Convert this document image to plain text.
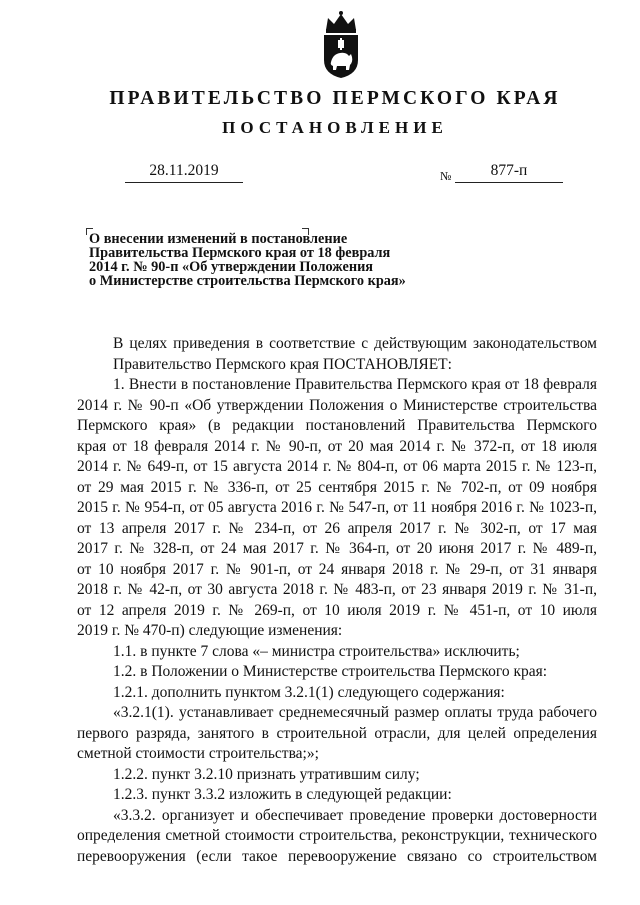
ПРАВИТЕЛЬСТВО ПЕРМСКОГО КРАЯ
ПОСТАНОВЛЕНИЕ
28.11.2019	№	877-п
О внесении изменений в постановление
Правительства Пермского края от 18 февраля
2014 г. № 90-п «Об утверждении Положения
о Министерстве строительства Пермского края»
В целях приведения в соответствие с действующим законодательством
Правительство Пермского края ПОСТАНОВЛЯЕТ:
1. Внести в постановление Правительства Пермского края от 18 февраля
2014 г. № 90-п «Об утверждении Положения о Министерстве строительства
Пермского края» (в редакции постановлений Правительства Пермского
края от 18 февраля 2014 г. № 90-п, от 20 мая 2014 г. № 372-п, от 18 июля
2014 г. № 649-п, от 15 августа 2014 г. № 804-п, от 06 марта 2015 г. № 123-п,
от 29 мая 2015 г. № 336-п, от 25 сентября 2015 г. № 702-п, от 09 ноября
2015 г. № 954-п, от 05 августа 2016 г. № 547-п, от 11 ноября 2016 г. № 1023-п,
от 13 апреля 2017 г. № 234-п, от 26 апреля 2017 г. № 302-п, от 17 мая
2017 г. № 328-п, от 24 мая 2017 г. № 364-п, от 20 июня 2017 г. № 489-п,
от 10 ноября 2017 г. № 901-п, от 24 января 2018 г. № 29-п, от 31 января
2018 г. № 42-п, от 30 августа 2018 г. № 483-п, от 23 января 2019 г. № 31-п,
от 12 апреля 2019 г. № 269-п, от 10 июля 2019 г. № 451-п, от 10 июля
2019 г. № 470-п) следующие изменения:
1.1. в пункте 7 слова «– министра строительства» исключить;
1.2. в Положении о Министерстве строительства Пермского края:
1.2.1. дополнить пунктом 3.2.1(1) следующего содержания:
«3.2.1(1). устанавливает среднемесячный размер оплаты труда рабочего
первого разряда, занятого в строительной отрасли, для целей определения
сметной стоимости строительства;»;
1.2.2. пункт 3.2.10 признать утратившим силу;
1.2.3. пункт 3.3.2 изложить в следующей редакции:
«3.3.2. организует и обеспечивает проведение проверки достоверности
определения сметной стоимости строительства, реконструкции, технического
перевооружения (если такое перевооружение связано со строительством
